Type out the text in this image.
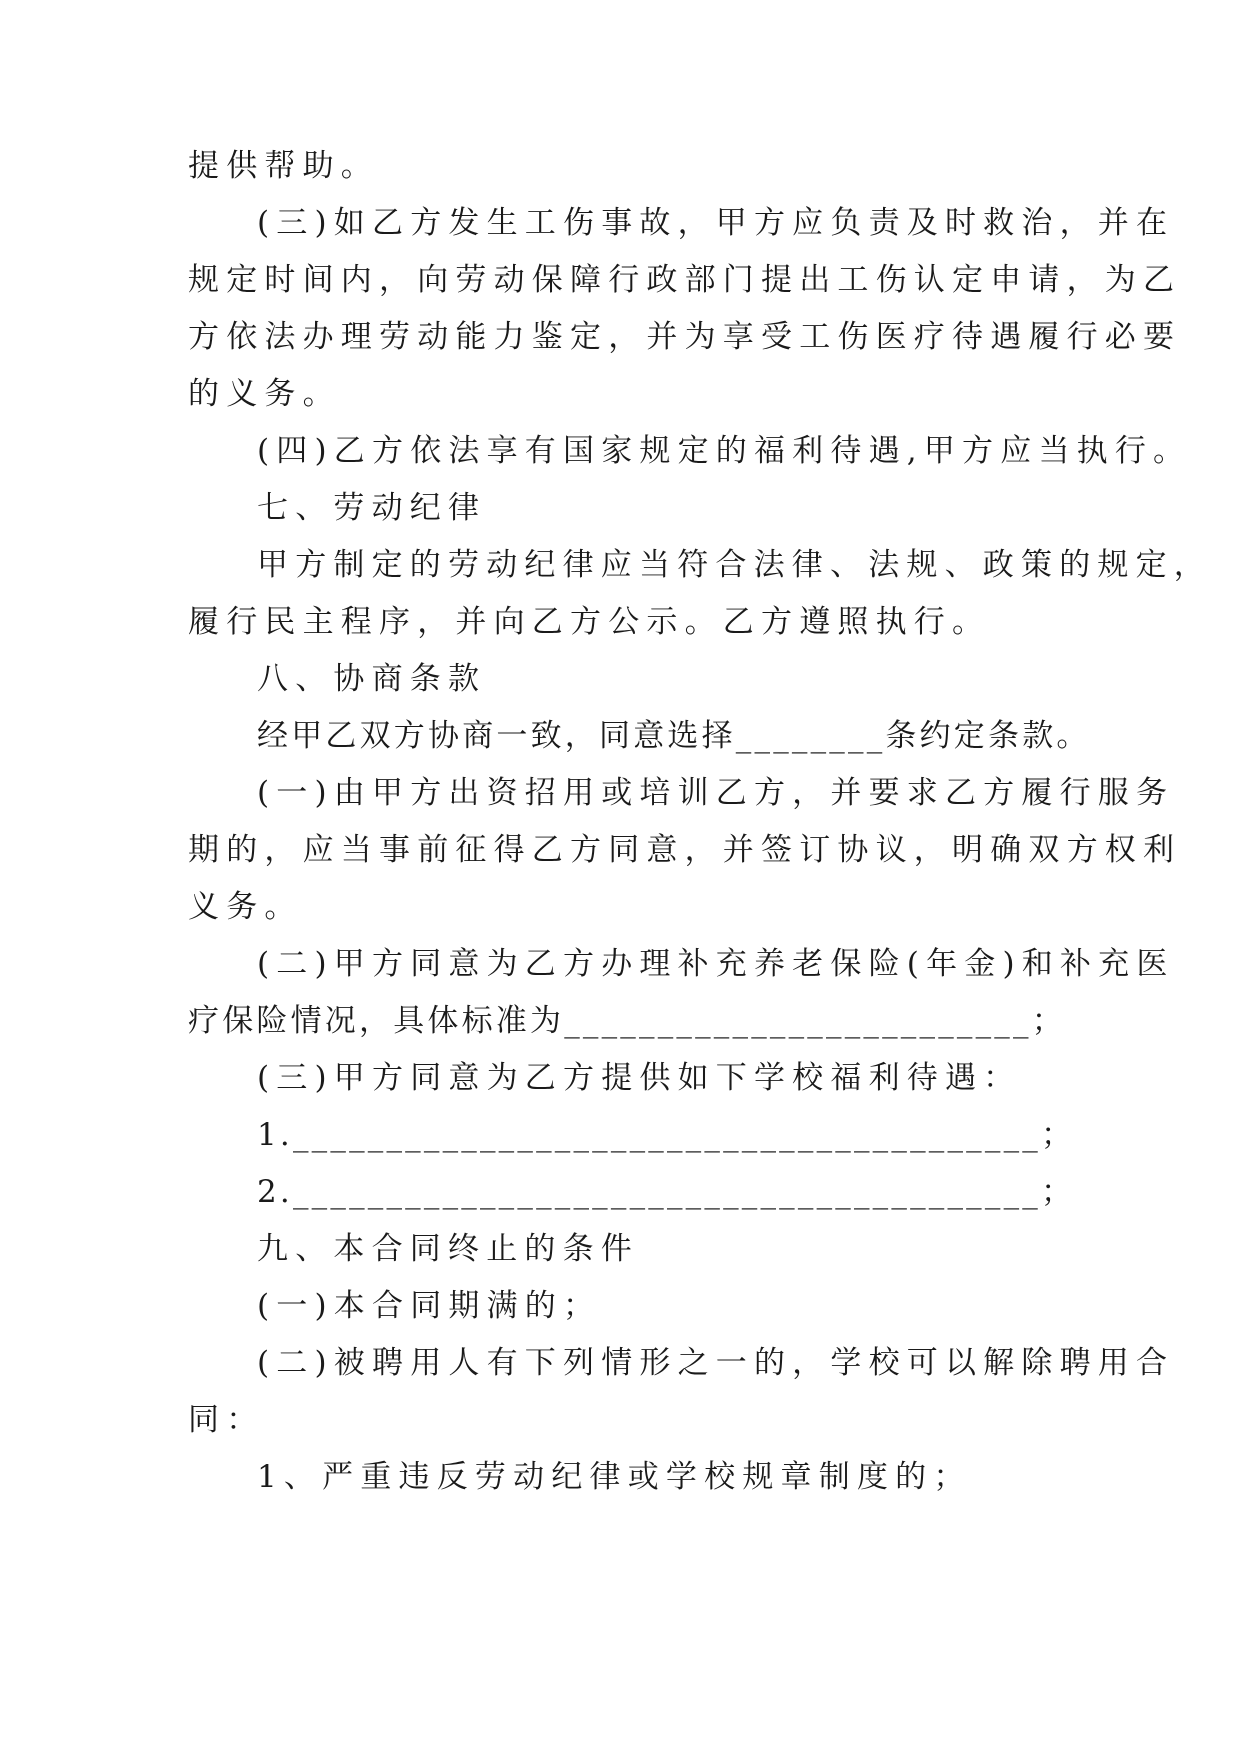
提供帮助。
(三)如乙方发生工伤事故，甲方应负责及时救治，并在
规定时间内，向劳动保障行政部门提出工伤认定申请，为乙
方依法办理劳动能力鉴定，并为享受工伤医疗待遇履行必要
的义务。
(四)乙方依法享有国家规定的福利待遇,甲方应当执行。
七、劳动纪律
甲方制定的劳动纪律应当符合法律、法规、政策的规定，
履行民主程序，并向乙方公示。乙方遵照执行。
八、协商条款
经甲乙双方协商一致，同意选择________条约定条款。
(一)由甲方出资招用或培训乙方，并要求乙方履行服务
期的，应当事前征得乙方同意，并签订协议，明确双方权利
义务。
(二)甲方同意为乙方办理补充养老保险(年金)和补充医
疗保险情况，具体标准为_________________________；
(三)甲方同意为乙方提供如下学校福利待遇：
1.________________________________________；
2.________________________________________；
九、本合同终止的条件
(一)本合同期满的；
(二)被聘用人有下列情形之一的，学校可以解除聘用合
同：
1、严重违反劳动纪律或学校规章制度的；
